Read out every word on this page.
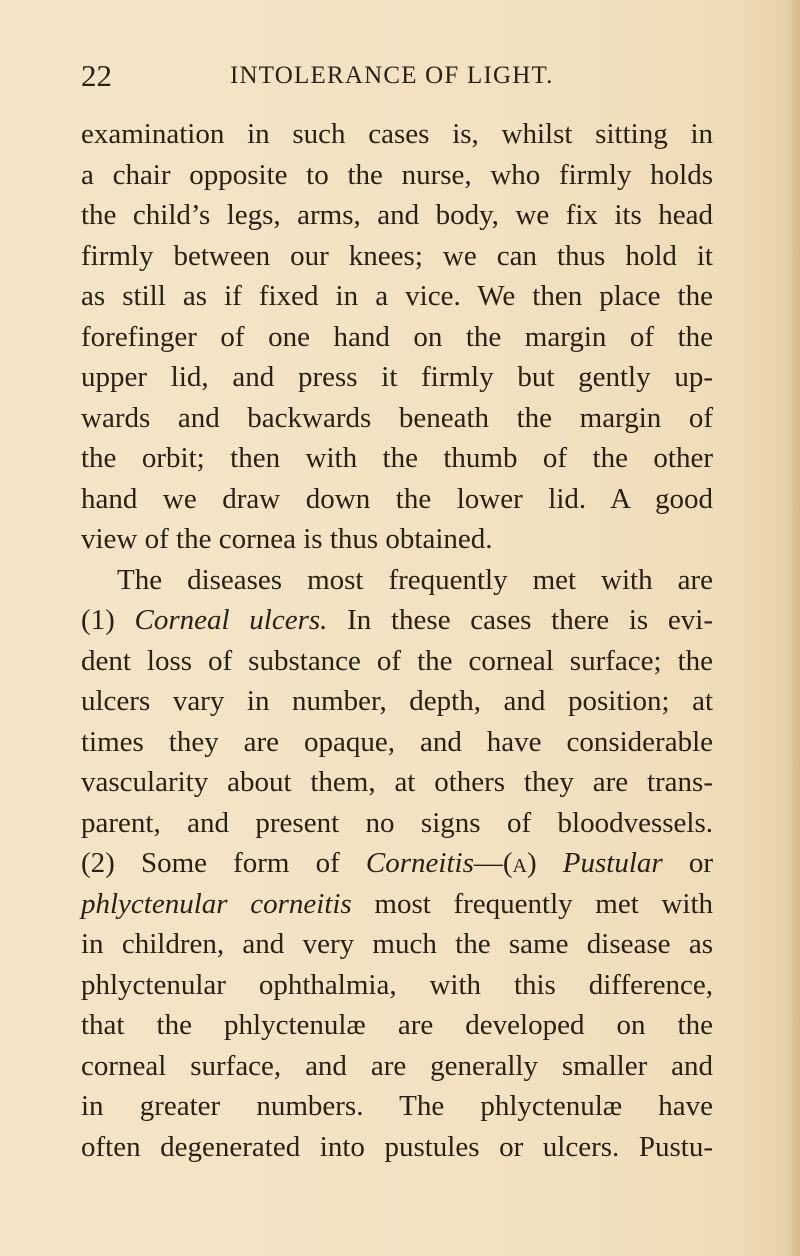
22	INTOLERANCE OF LIGHT.
examination in such cases is, whilst sitting in
a chair opposite to the nurse, who firmly holds
the child’s legs, arms, and body, we fix its head
firmly between our knees; we can thus hold it
as still as if fixed in a vice. We then place the
forefinger of one hand on the margin of the
upper lid, and press it firmly but gently up-
wards and backwards beneath the margin of
the orbit; then with the thumb of the other
hand we draw down the lower lid. A good
view of the cornea is thus obtained.
The diseases most frequently met with are
(1) Corneal ulcers. In these cases there is evi-
dent loss of substance of the corneal surface; the
ulcers vary in number, depth, and position; at
times they are opaque, and have considerable
vascularity about them, at others they are trans-
parent, and present no signs of bloodvessels.
(2) Some form of Corneitis—(a) Pustular or
phlyctenular corneitis most frequently met with
in children, and very much the same disease as
phlyctenular ophthalmia, with this difference,
that the phlyctenulæ are developed on the
corneal surface, and are generally smaller and
in greater numbers. The phlyctenulæ have
often degenerated into pustules or ulcers. Pustu-
